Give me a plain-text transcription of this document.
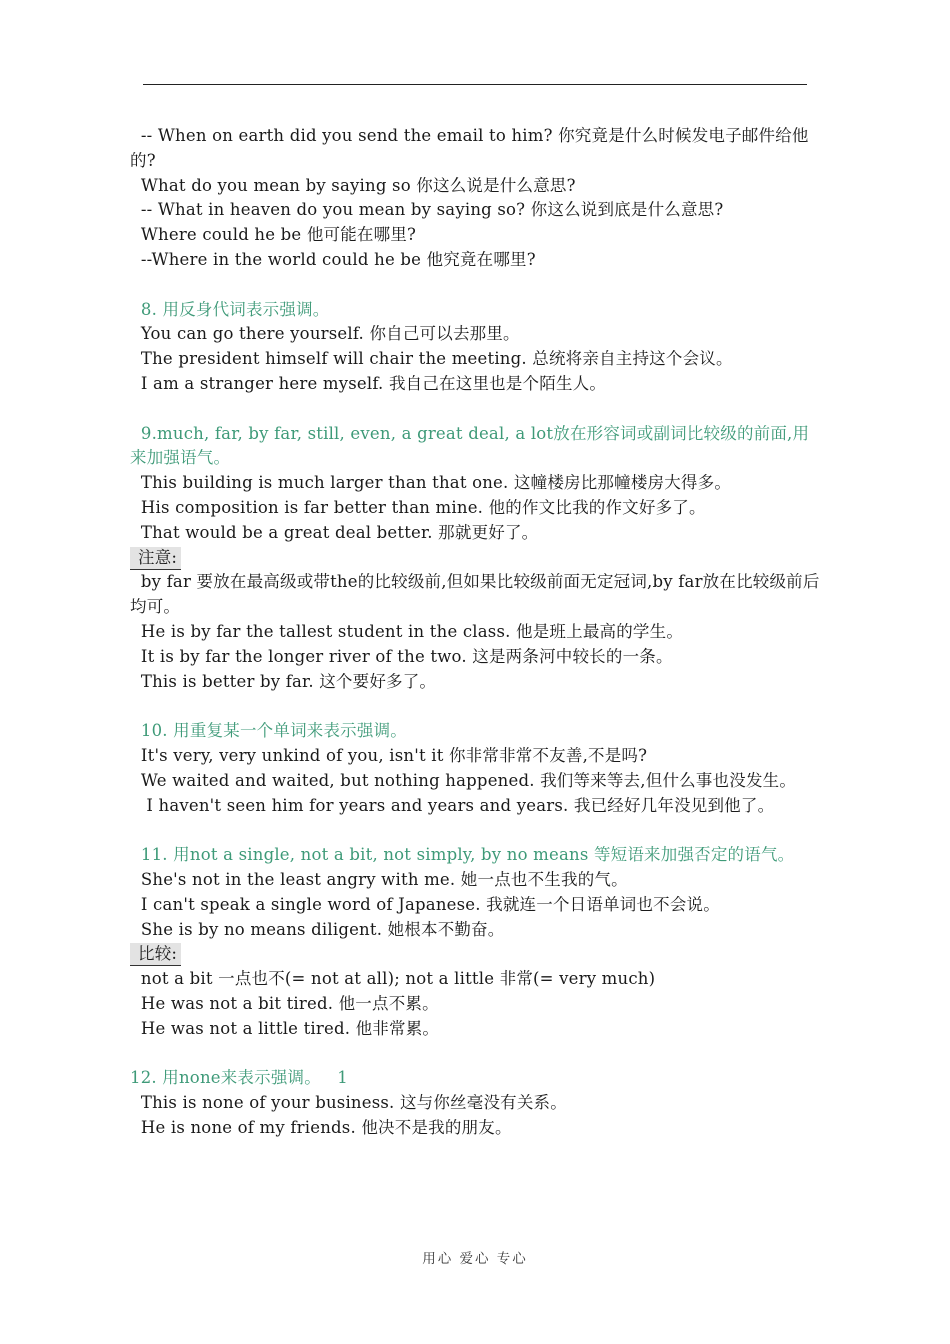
-- When on earth did you send the email to him? 你究竟是什么时候发电子邮件给他的?
What do you mean by saying so 你这么说是什么意思?
-- What in heaven do you mean by saying so? 你这么说到底是什么意思?
Where could he be 他可能在哪里?
--Where in the world could he be 他究竟在哪里?
8. 用反身代词表示强调。
You can go there yourself. 你自己可以去那里。
The president himself will chair the meeting. 总统将亲自主持这个会议。
I am a stranger here myself. 我自己在这里也是个陌生人。
9.much, far, by far, still, even, a great deal, a lot放在形容词或副词比较级的前面,用来加强语气。
This building is much larger than that one. 这幢楼房比那幢楼房大得多。
His composition is far better than mine. 他的作文比我的作文好多了。
That would be a great deal better. 那就更好了。
注意:
by far 要放在最高级或带the的比较级前,但如果比较级前面无定冠词,by far放在比较级前后均可。
He is by far the tallest student in the class. 他是班上最高的学生。
It is by far the longer river of the two. 这是两条河中较长的一条。
This is better by far. 这个要好多了。
10. 用重复某一个单词来表示强调。
It's very, very unkind of you, isn't it 你非常非常不友善,不是吗?
We waited and waited, but nothing happened. 我们等来等去,但什么事也没发生。
I haven't seen him for years and years and years. 我已经好几年没见到他了。
11. 用not a single, not a bit, not simply, by no means 等短语来加强否定的语气。
She's not in the least angry with me. 她一点也不生我的气。
I can't speak a single word of Japanese. 我就连一个日语单词也不会说。
She is by no means diligent. 她根本不勤奋。
比较:
not a bit 一点也不(= not at all); not a little 非常(= very much)
He was not a bit tired. 他一点不累。
He was not a little tired. 他非常累。
12. 用none来表示强调。   1
This is none of your business. 这与你丝毫没有关系。
He is none of my friends. 他决不是我的朋友。
用心 爱心 专心
